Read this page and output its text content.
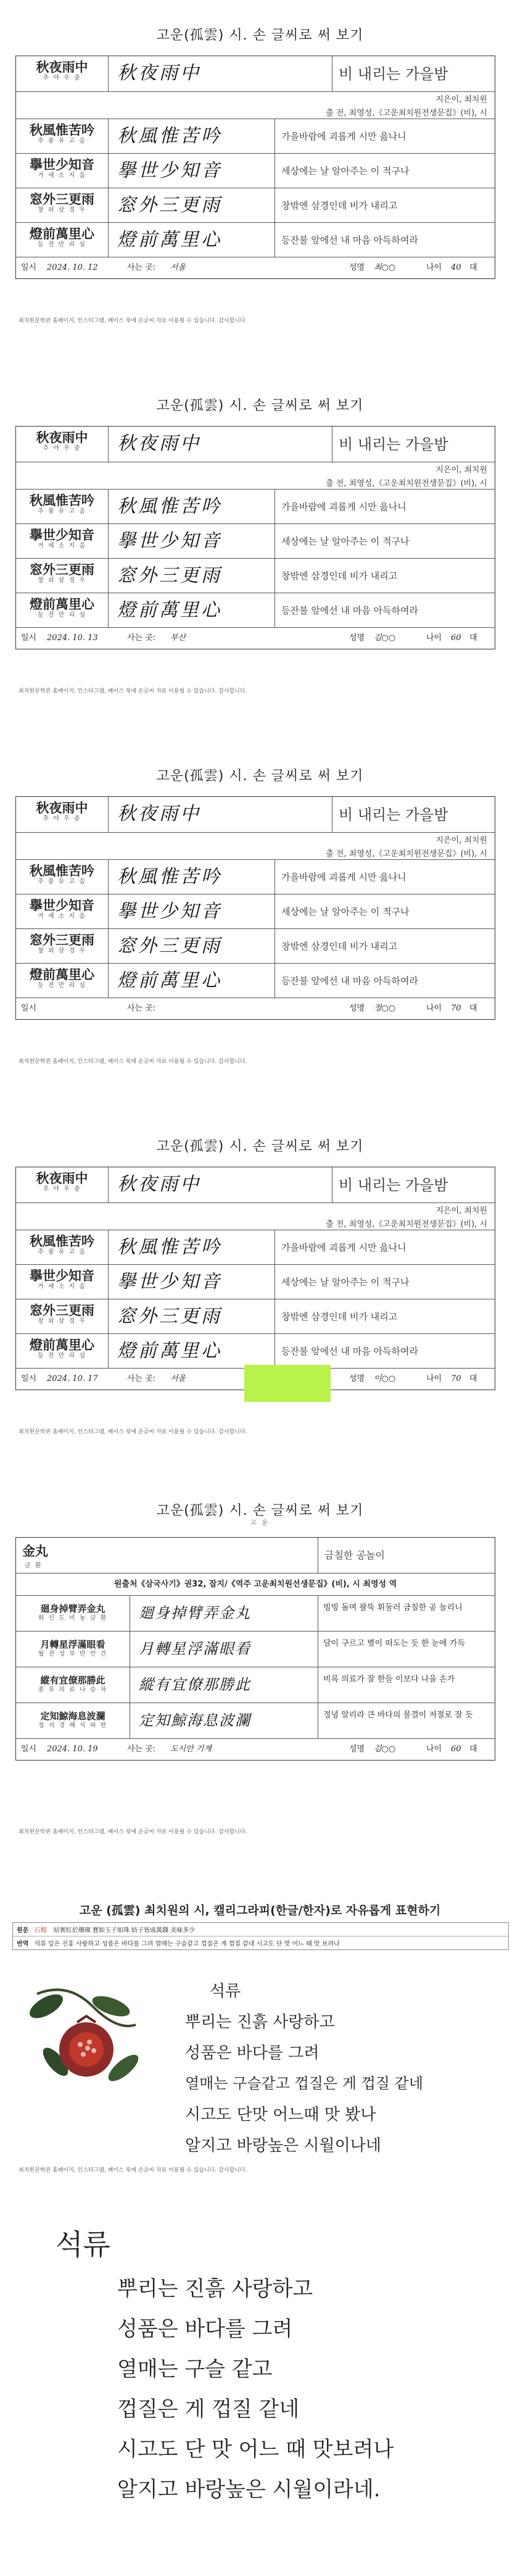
고운(孤雲) 시. 손 글씨로 써 보기
秋夜雨中
추 야 우 중	秋夜雨中	비 내리는 가을밤
지은이, 최치원
출 전, 최영성,《고운최치원전생문집》(비), 시
秋風惟苦吟
추 풍 유 고 음	秋風惟苦吟	가을바람에 괴롭게 시만 읊나니
擧世少知音
거 세 소 지 음	擧世少知音	세상에는 날 알아주는 이 적구나
窓外三更雨
창 외 삼 경 우	窓外三更雨	창밖엔 삼경인데 비가 내리고
燈前萬里心
등 전 만 리 심	燈前萬里心	등잔불 앞에선 내 마음 아득하여라
일시 2024. 10. 12	사는 곳: 서울	성명 최○○	나이 40 대
최치원문학관 홈페이지, 인스타그램, 페이스 북에 손글씨 자료 이용될 수 있습니다. 감사합니다.
고운(孤雲) 시. 손 글씨로 써 보기
秋夜雨中
추 야 우 중	秋夜雨中	비 내리는 가을밤
지은이, 최치원
출 전, 최영성,《고운최치원전생문집》(비), 시
秋風惟苦吟
추 풍 유 고 음	秋風惟苦吟	가을바람에 괴롭게 시만 읊나니
擧世少知音
거 세 소 지 음	擧世少知音	세상에는 날 알아주는 이 적구나
窓外三更雨
창 외 삼 경 우	窓外三更雨	창밖엔 삼경인데 비가 내리고
燈前萬里心
등 전 만 리 심	燈前萬里心	등잔불 앞에선 내 마음 아득하여라
일시 2024. 10. 13	사는 곳: 부산	성명 김○○	나이 60 대
최치원문학관 홈페이지, 인스타그램, 페이스 북에 손글씨 자료 이용될 수 있습니다. 감사합니다.
고운(孤雲) 시. 손 글씨로 써 보기
秋夜雨中
추 야 우 중	秋夜雨中	비 내리는 가을밤
지은이, 최치원
출 전, 최영성,《고운최치원전생문집》(비), 시
秋風惟苦吟
추 풍 유 고 음	秋風惟苦吟	가을바람에 괴롭게 시만 읊나니
擧世少知音
거 세 소 지 음	擧世少知音	세상에는 날 알아주는 이 적구나
窓外三更雨
창 외 삼 경 우	窓外三更雨	창밖엔 삼경인데 비가 내리고
燈前萬里心
등 전 만 리 심	燈前萬里心	등잔불 앞에선 내 마음 아득하여라
일시	사는 곳:	성명 정○○	나이 70 대
최치원문학관 홈페이지, 인스타그램, 페이스 북에 손글씨 자료 이용될 수 있습니다. 감사합니다.
고운(孤雲) 시. 손 글씨로 써 보기
秋夜雨中
추 야 우 중	秋夜雨中	비 내리는 가을밤
지은이, 최치원
출 전, 최영성,《고운최치원전생문집》(비), 시
秋風惟苦吟
추 풍 유 고 음	秋風惟苦吟	가을바람에 괴롭게 시만 읊나니
擧世少知音
거 세 소 지 음	擧世少知音	세상에는 날 알아주는 이 적구나
窓外三更雨
창 외 삼 경 우	窓外三更雨	창밖엔 삼경인데 비가 내리고
燈前萬里心
등 전 만 리 심	燈前萬里心	등잔불 앞에선 내 마음 아득하여라
일시 2024. 10. 17	사는 곳: 서울	성명 이○○	나이 70 대
최치원문학관 홈페이지, 인스타그램, 페이스 북에 손글씨 자료 이용될 수 있습니다. 감사합니다.
고운(孤雲) 시. 손 글씨로 써 보기
고 운
金丸
금 환
금칠한 공놀이
원출처《삼국사기》권32, 잡지/《역주 고운최치원선생문집》(비), 시 최영성 역
廻身掉臂弄金丸
회 신 도 비 농 금 환	廻身掉臂弄金丸	빙빙 돌며 팔뚝 휘둘러 금칠한 공 놀리니
月轉星浮滿眼看
월 전 성 부 만 안 간	月轉星浮滿眼看	달이 구르고 별이 떠도는 듯 한 눈에 가득
縱有宜僚那勝此
종 유 의 료 나 승 차	縱有宜僚那勝此	비록 의료가 잘 한들 이보다 나을 손가
定知鯨海息波瀾
정 지 경 해 식 파 란	定知鯨海息波瀾	정녕 알리라 큰 바다의 물결이 저절로 잘 듯
일시 2024. 10. 19	사는 곳: 도시안 기계	성명 김○○	나이 60 대
최치원문학관 홈페이지, 인스타그램, 페이스 북에 손글씨 자료 이용될 수 있습니다. 감사합니다.
고운 (孤雲) 최치원의 시, 캘리그라피(한글/한자)로 자유롭게 표현하기
원문 石榴 結實紅於珊瑚 寶如玉子如珠 結子皆成萬錢 美味多少
번역 석류 잎은 진홍 사랑하고 성품은 바다를 그려 열매는 구슬같고 껍질은 게 껍질 같네 시고도 단 맛 어느 때 맛 보려나
석류
뿌리는 진흙 사랑하고
성품은 바다를 그려
열매는 구슬같고 껍질은 게 껍질 같네
시고도 단맛 어느때 맛 봤나
알지고 바랑높은 시월이나네
최치원문학관 홈페이지, 인스타그램, 페이스 북에 손글씨 자료 이용될 수 있습니다. 감사합니다.
석류
뿌리는 진흙 사랑하고
성품은 바다를 그려
열매는 구슬 같고
껍질은 게 껍질 같네
시고도 단 맛 어느 때 맛보려나
알지고 바랑높은 시월이라네.
